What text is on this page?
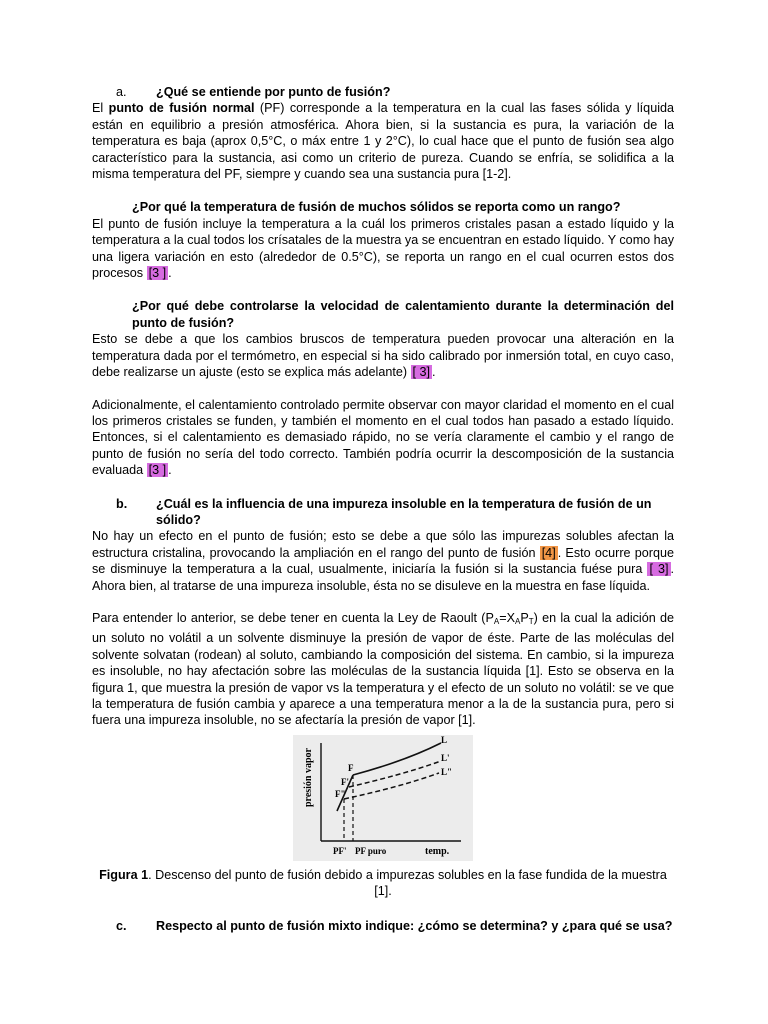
a.	¿Qué se entiende por punto de fusión?

El punto de fusión normal (PF) corresponde a la temperatura en la cual las fases sólida y líquida están en equilibrio a presión atmosférica. Ahora bien, si la sustancia es pura, la variación de la temperatura es baja (aprox 0,5°C, o máx entre 1 y 2°C), lo cual hace que el punto de fusión sea algo característico para la sustancia, asi como un criterio de pureza. Cuando se enfría, se solidifica a la misma temperatura del PF, siempre y cuando sea una sustancia pura [1-2].

¿Por qué la temperatura de fusión de muchos sólidos se reporta como un rango?

El punto de fusión incluye la temperatura a la cuál los primeros cristales pasan a estado líquido y la temperatura a la cual todos los crísatales de la muestra ya se encuentran en estado líquido. Y como hay una ligera variación en esto (alrededor de 0.5°C), se reporta un rango en el cual ocurren estos dos procesos [3 ] .

¿Por qué debe controlarse la velocidad de calentamiento durante la determinación del punto de fusión?

Esto se debe a que los cambios bruscos de temperatura pueden provocar una alteración en la temperatura dada por el termómetro, en especial si ha sido calibrado por inmersión total, en cuyo caso, debe realizarse un ajuste (esto se explica más adelante) [ 3] .

Adicionalmente, el calentamiento controlado permite observar con mayor claridad el momento en el cual los primeros cristales se funden, y también el momento en el cual todos han pasado a estado líquido. Entonces, si el calentamiento es demasiado rápido, no se vería claramente el cambio y el rango de punto de fusión no sería del todo correcto. También podría ocurrir la descomposición de la sustancia evaluada [3 ] .

b.	¿Cuál es la influencia de una impureza insoluble en la temperatura de fusión de un sólido?

No hay un efecto en el punto de fusión; esto se debe a que sólo las impurezas solubles afectan la estructura cristalina, provocando la ampliación en el rango del punto de fusión [4] . Esto ocurre porque se disminuye la temperatura a la cual, usualmente, iniciaría la fusión si la sustancia fuése pura [ 3] . Ahora bien, al tratarse de una impureza insoluble, ésta no se disuleve en la muestra en fase líquida.

Para entender lo anterior, se debe tener en cuenta la Ley de Raoult $(P_A=X_AP_T)$ en la cual la adición de un soluto no volátil a un solvente disminuye la presión de vapor de éste. Parte de las moléculas del solvente solvatan (rodean) al soluto, cambiando la composición del sistema. En cambio, si la impureza es insoluble, no hay afectación sobre las moléculas de la sustancia líquida [1]. Esto se observa en la figura 1, que muestra la presión de vapor vs la temperatura y el efecto de un soluto no volátil: se ve que la temperatura de fusión cambia y aparece a una temperatura menor a la de la sustancia pura, pero si fuera una impureza insoluble, no se afectaría la presión de vapor [1].

presión vapor	F
F'
F"
L
L'
L"
PF' PF puro	temp.

Figura 1. Descenso del punto de fusión debido a impurezas solubles en la fase fundida de la muestra [1].

c.	Respecto al punto de fusión mixto indique: ¿cómo se determina? y ¿para qué se usa?
